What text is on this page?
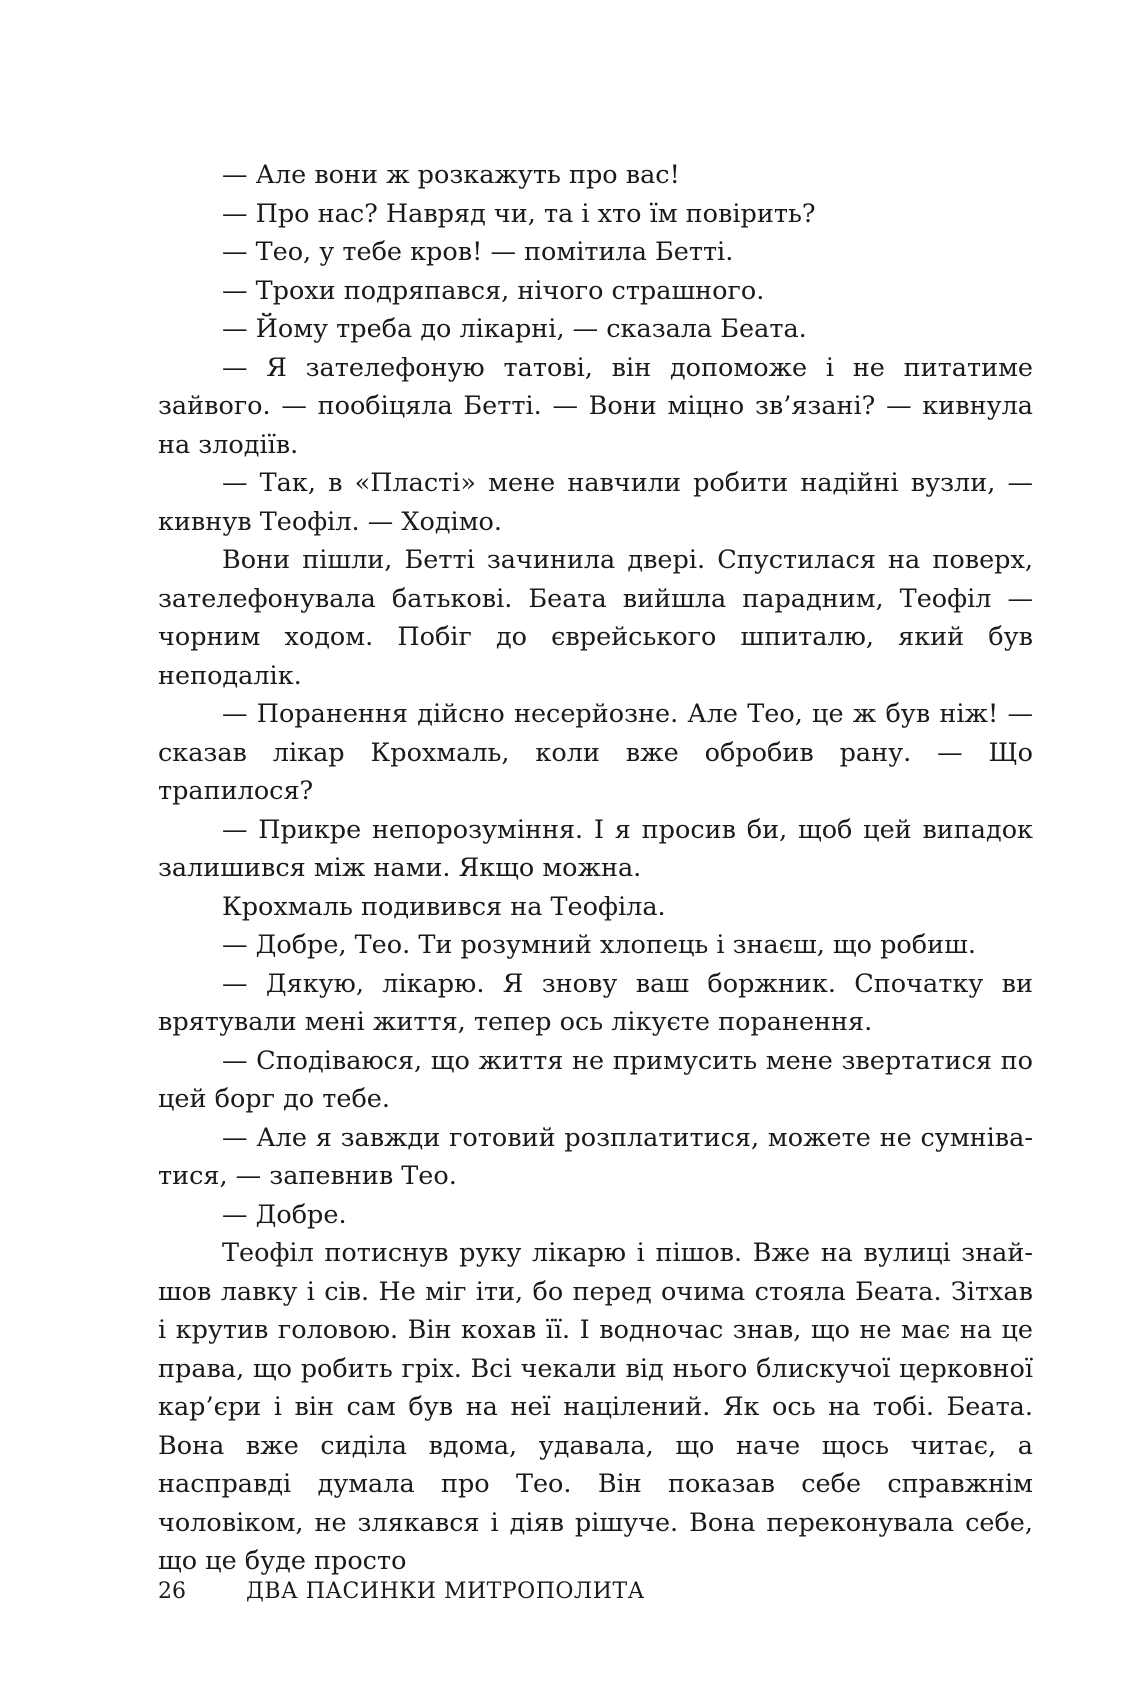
— Але вони ж розкажуть про вас!

— Про нас? Навряд чи, та і хто їм повірить?

— Тео, у тебе кров! — помітила Бетті.

— Трохи подряпався, нічого страшного.

— Йому треба до лікарні, — сказала Беата.

— Я зателефоную татові, він допоможе і не питатиме зайвого. — пообіцяла Бетті. — Вони міцно зв’язані? — кивнула на злодіїв.

— Так, в «Пласті» мене навчили робити надійні вузли, — кивнув Теофіл. — Ходімо.

Вони пішли, Бетті зачинила двері. Спустилася на поверх, зателефонувала батькові. Беата вийшла парадним, Теофіл — чорним ходом. Побіг до єврейського шпиталю, який був неподалік.

— Поранення дійсно несерйозне. Але Тео, це ж був ніж! — сказав лікар Крохмаль, коли вже обробив рану. — Що трапилося?

— Прикре непорозуміння. І я просив би, щоб цей випадок залишився між нами. Якщо можна.

Крохмаль подивився на Теофіла.

— Добре, Тео. Ти розумний хлопець і знаєш, що робиш.

— Дякую, лікарю. Я знову ваш боржник. Спочатку ви врятували мені життя, тепер ось лікуєте поранення.

— Сподіваюся, що життя не примусить мене звертатися по цей борг до тебе.

— Але я завжди готовий розплатитися, можете не сумніватися, — запевнив Тео.

— Добре.

Теофіл потиснув руку лікарю і пішов. Вже на вулиці знайшов лавку і сів. Не міг іти, бо перед очима стояла Беата. Зітхав і крутив головою. Він кохав її. І водночас знав, що не має на це права, що робить гріх. Всі чекали від нього блискучої церковної кар’єри і він сам був на неї націлений. Як ось на тобі. Беата. Вона вже сиділа вдома, удавала, що наче щось читає, а насправді думала про Тео. Він показав себе справжнім чоловіком, не злякався і діяв рішуче. Вона переконувала себе, що це буде просто

26	ДВА ПАСИНКИ МИТРОПОЛИТА
